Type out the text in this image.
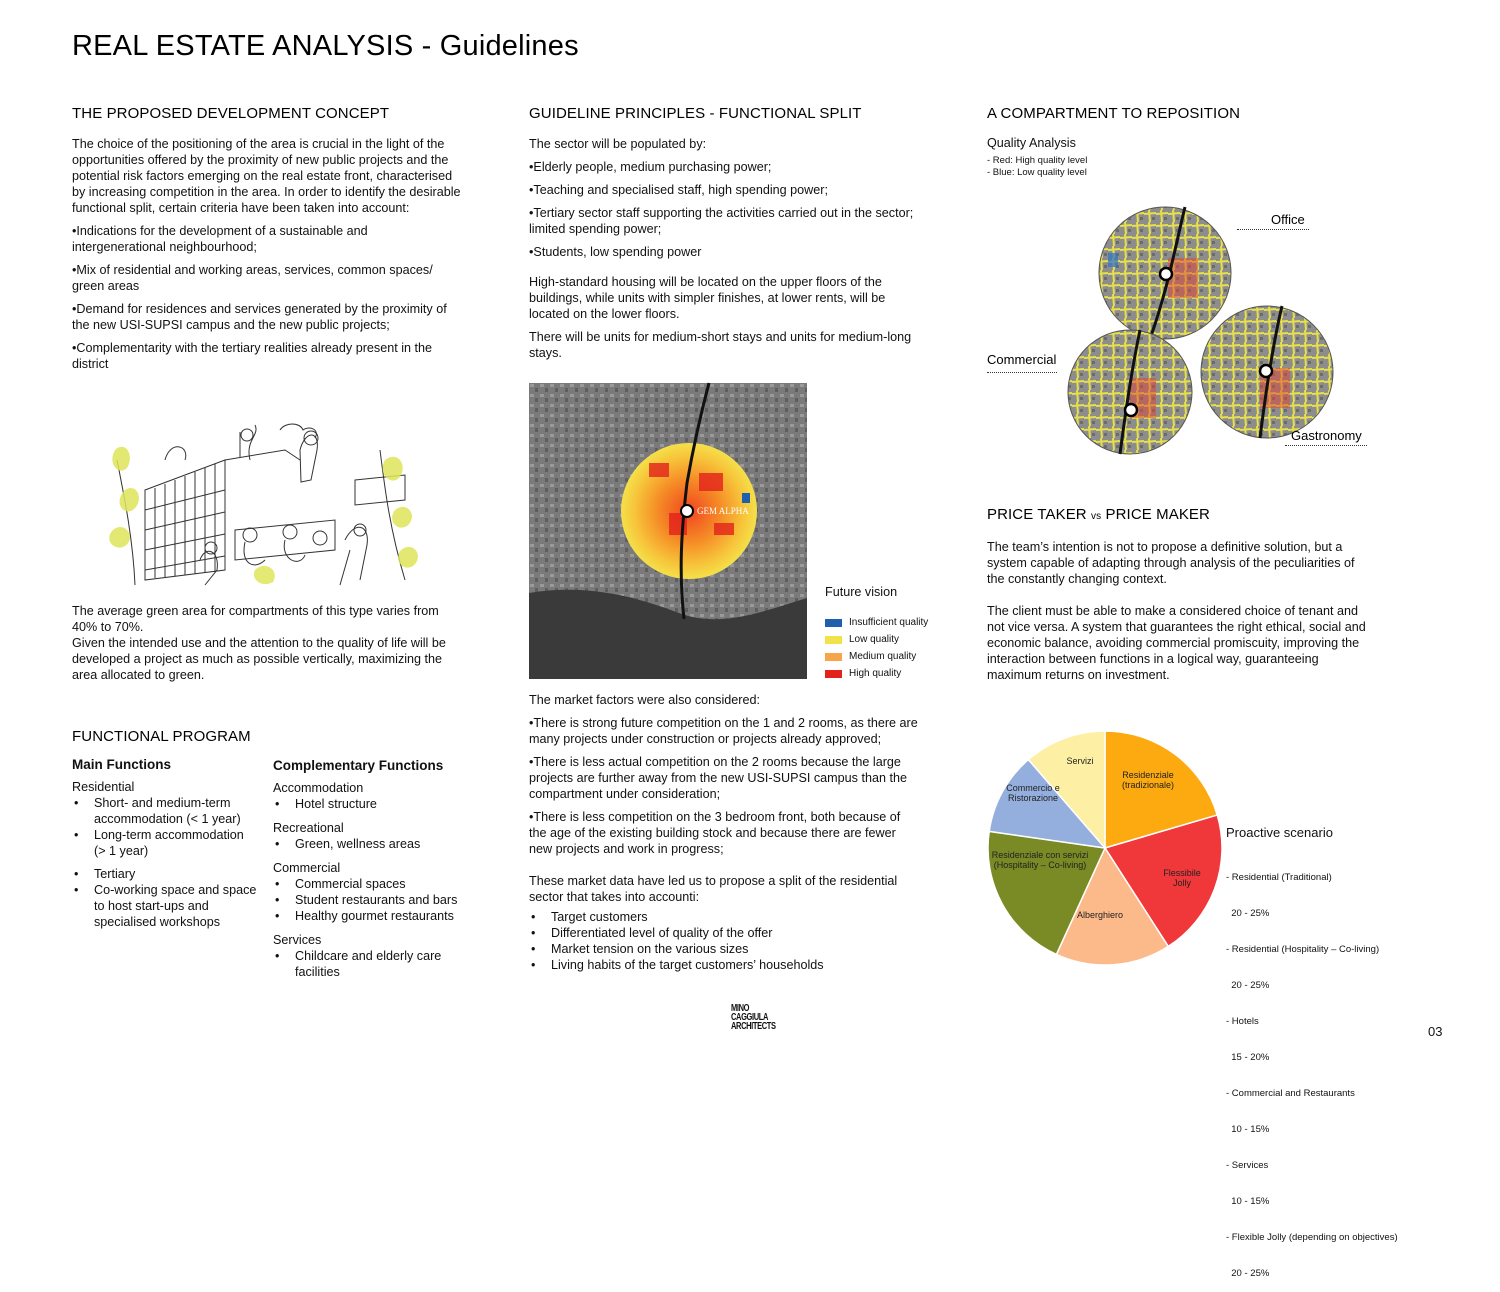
REAL ESTATE ANALYSIS - Guidelines
THE PROPOSED DEVELOPMENT CONCEPT

The choice of the positioning of the area is crucial in the light of the opportunities offered by the proximity of new public projects and the potential risk factors emerging on the real estate front, characterised by increasing competition in the area. In order to identify the desirable functional split, certain criteria have been taken into account:

• Indications for the development of a sustainable and intergenerational neighbourhood;
• Mix of residential and working areas, services, common spaces/ green areas
• Demand for residences and services generated by the proximity of the new USI-SUPSI campus and the new public projects;
• Complementarity with the tertiary realities already present in the district
The average green area for compartments of this type varies from 40% to 70%.
Given the intended use and the attention to the quality of life will be developed a project as much as possible vertically, maximizing the area allocated to green.
FUNCTIONAL PROGRAM
Main Functions
Residential
• Short- and medium-term accommodation (< 1 year)
• Long-term accommodation (> 1 year)
• Tertiary
• Co-working space and space to host start-ups and specialised workshops
Complementary Functions
Accommodation
• Hotel structure
Recreational
• Green, wellness areas
Commercial
• Commercial spaces
• Student restaurants and bars
• Healthy gourmet restaurants
Services
• Childcare and elderly care facilities
GUIDELINE PRINCIPLES - FUNCTIONAL SPLIT

The sector will be populated by:

• Elderly people, medium purchasing power;
• Teaching and specialised staff, high spending power;
• Tertiary sector staff supporting the activities carried out in the sector; limited spending power;
• Students, low spending power

High-standard housing will be located on the upper floors of the buildings, while units with simpler finishes, at lower rents, will be located on the lower floors.

There will be units for medium-short stays and units for medium-long stays.

GEM ALPHA
Future vision
Insufficient quality
Low quality
Medium quality
High quality

The market factors were also considered:

• There is strong future competition on the 1 and 2 rooms, as there are many projects under construction or projects already approved;
• There is less actual competition on the 2 rooms because the large projects are further away from the new USI-SUPSI campus than the compartment under consideration;
• There is less competition on the 3 bedroom front, both because of the age of the existing building stock and because there are fewer new projects and work in progress;

These market data have led us to propose a split of the residential sector that takes into accounti:

• Target customers
• Differentiated level of quality of the offer
• Market tension on the various sizes
• Living habits of the target customers’ households
A COMPARTMENT TO REPOSITION
Quality Analysis
- Red: High quality level
- Blue: Low quality level
Office
Commercial
Gastronomy
PRICE TAKER vs PRICE MAKER

The team’s intention is not to propose a definitive solution, but a system capable of adapting through analysis of the peculiarities of the constantly changing context.

The client must be able to make a considered choice of tenant and not vice versa. A system that guarantees the right ethical, social and economic balance, avoiding commercial promiscuity, improving the interaction between functions in a logical way, guaranteeing maximum returns on investment.

Residenziale (tradizionale)
Flessibile Jolly
Alberghiero
Residenziale con servizi (Hospitality – Co-living)
Commercio e Ristorazione
Servizi
Proactive scenario

- Residential (Traditional)

20 - 25%

- Residential (Hospitality – Co-living)

20 - 25%

- Hotels

15 - 20%

- Commercial and Restaurants

10 - 15%

- Services

10 - 15%

- Flexible Jolly (depending on objectives)

20 - 25%

MINO
CAGGIULA
ARCHITECTS	03
